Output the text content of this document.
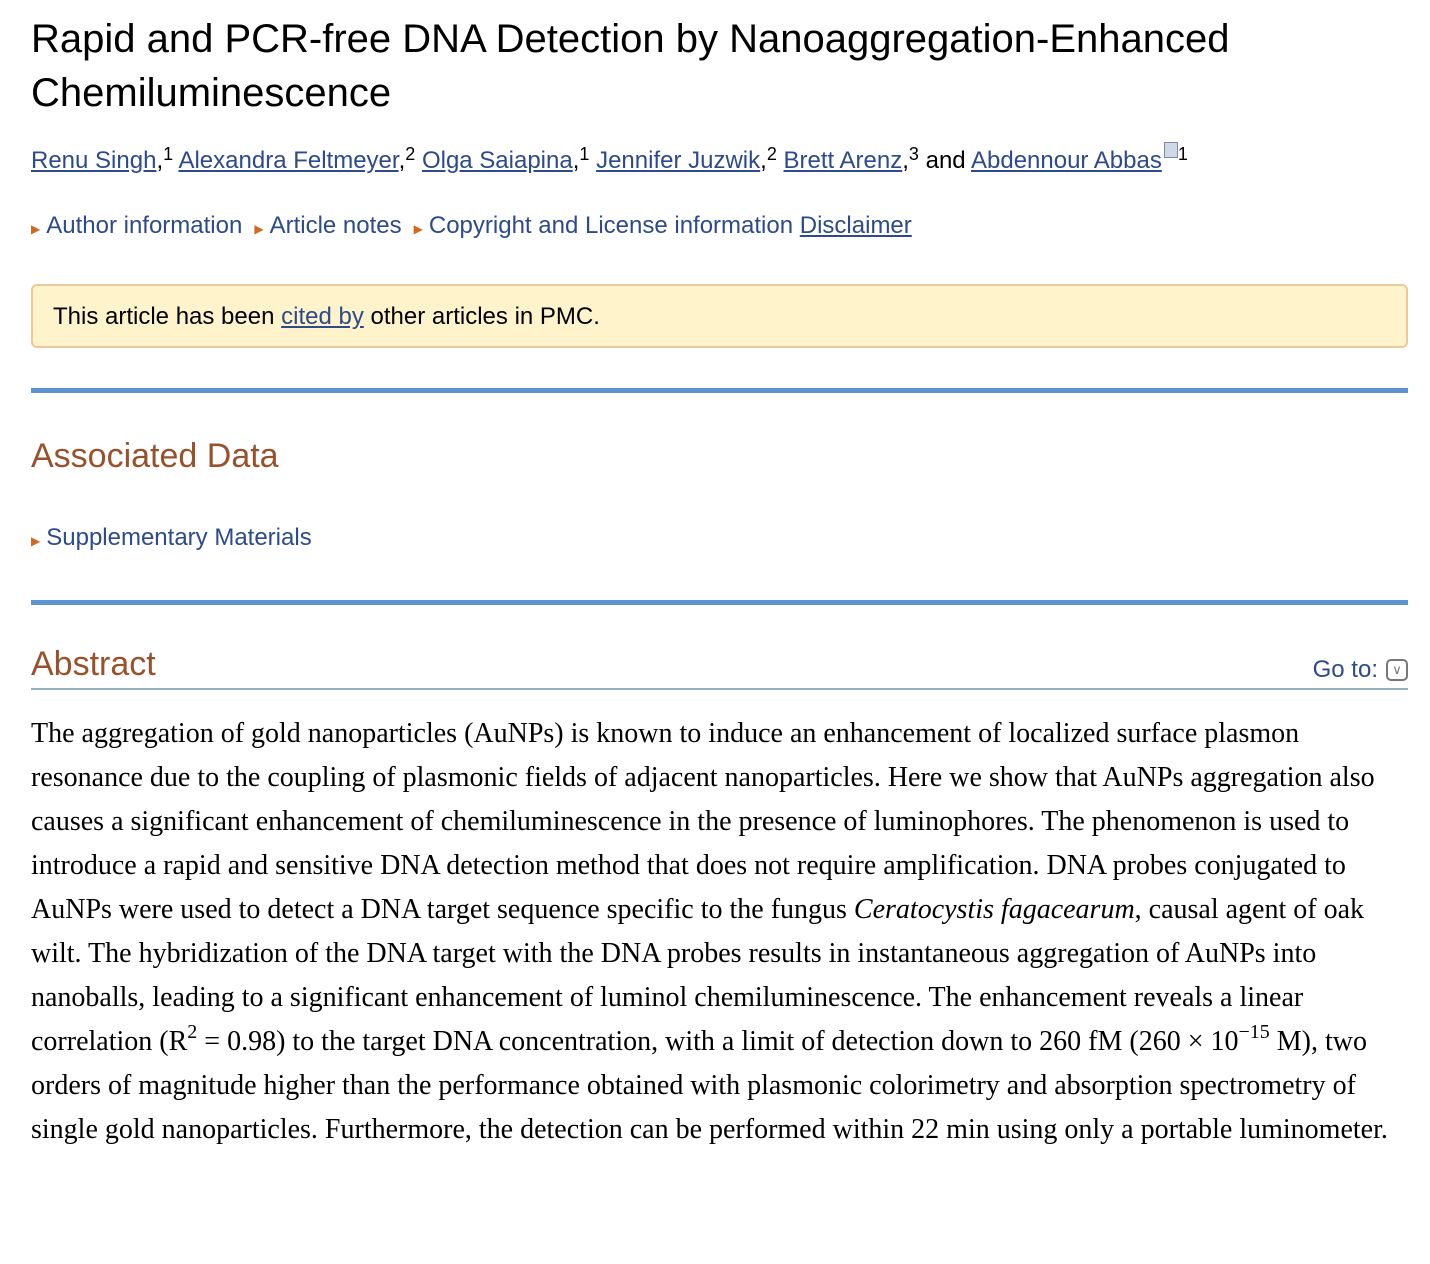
Rapid and PCR-free DNA Detection by Nanoaggregation-Enhanced Chemiluminescence
Renu Singh,$^1$ Alexandra Feltmeyer,$^2$ Olga Saiapina,$^1$ Jennifer Juzwik,$^2$ Brett Arenz,$^3$ and Abdennour Abbas $^1$
▶ Author information ▶ Article notes ▶ Copyright and License information Disclaimer
This article has been cited by other articles in PMC.
Associated Data
▶ Supplementary Materials
Abstract	Go to:	∨
The aggregation of gold nanoparticles (AuNPs) is known to induce an enhancement of localized surface plasmon resonance due to the coupling of plasmonic fields of adjacent nanoparticles. Here we show that AuNPs aggregation also causes a significant enhancement of chemiluminescence in the presence of luminophores. The phenomenon is used to introduce a rapid and sensitive DNA detection method that does not require amplification. DNA probes conjugated to AuNPs were used to detect a DNA target sequence specific to the fungus Ceratocystis fagacearum, causal agent of oak wilt. The hybridization of the DNA target with the DNA probes results in instantaneous aggregation of AuNPs into nanoballs, leading to a significant enhancement of luminol chemiluminescence. The enhancement reveals a linear correlation $(R^2 = 0.98)$ to the target DNA concentration, with a limit of detection down to 260 fM ($260 \times 10^{-15}$ M), two orders of magnitude higher than the performance obtained with plasmonic colorimetry and absorption spectrometry of single gold nanoparticles. Furthermore, the detection can be performed within 22 min using only a portable luminometer.
